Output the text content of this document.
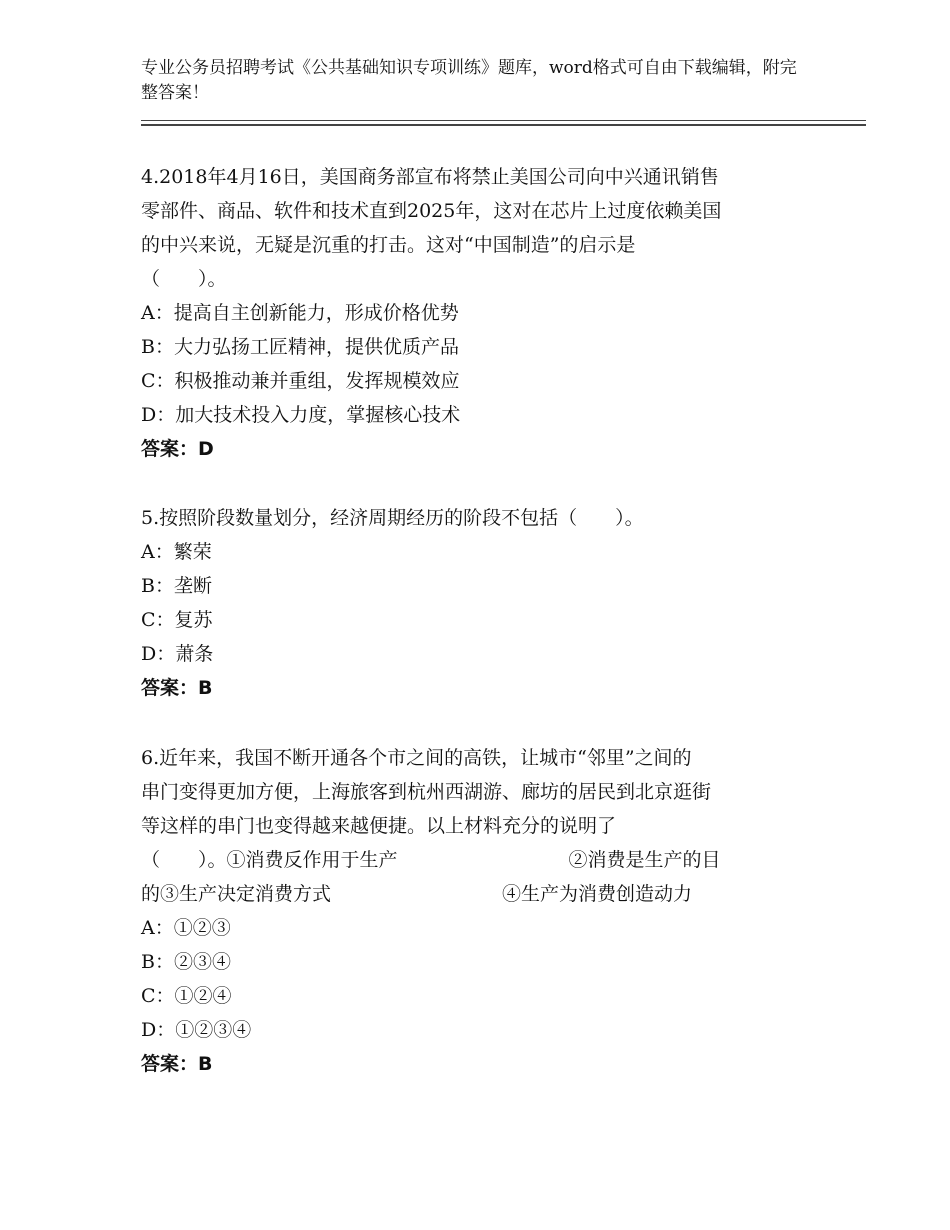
专业公务员招聘考试《公共基础知识专项训练》题库，word格式可自由下载编辑，附完整答案！
4.2018年4月16日，美国商务部宣布将禁止美国公司向中兴通讯销售
零部件、商品、软件和技术直到2025年，这对在芯片上过度依赖美国
的中兴来说，无疑是沉重的打击。这对“中国制造”的启示是
（　　）。
A：提高自主创新能力，形成价格优势
B：大力弘扬工匠精神，提供优质产品
C：积极推动兼并重组，发挥规模效应
D：加大技术投入力度，掌握核心技术
答案：D
5.按照阶段数量划分，经济周期经历的阶段不包括（　　）。
A：繁荣
B：垄断
C：复苏
D：萧条
答案：B
6.近年来，我国不断开通各个市之间的高铁，让城市“邻里”之间的
串门变得更加方便，上海旅客到杭州西湖游、廊坊的居民到北京逛街
等这样的串门也变得越来越便捷。以上材料充分的说明了
（　　）。①消费反作用于生产　　　　　　　　　②消费是生产的目
的③生产决定消费方式　　　　　　　　　④生产为消费创造动力
A：①②③
B：②③④
C：①②④
D：①②③④
答案：B
